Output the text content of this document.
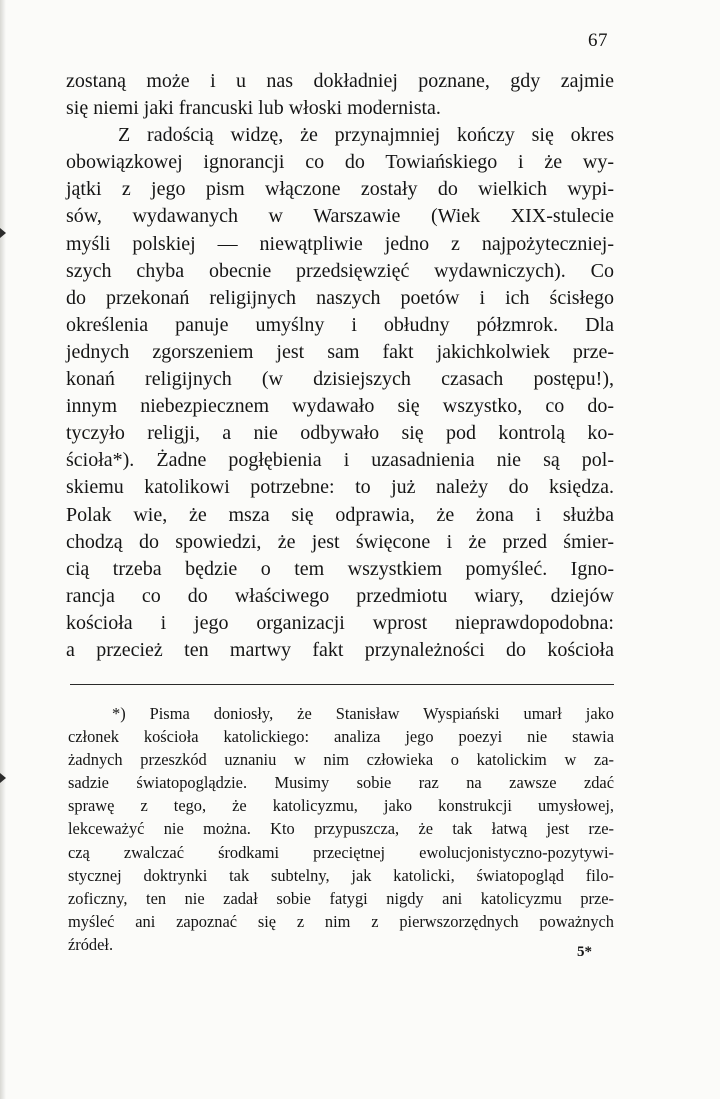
67
zostaną może i u nas dokładniej poznane, gdy zajmie
się niemi jaki francuski lub włoski modernista.
Z radością widzę, że przynajmniej kończy się okres
obowiązkowej ignorancji co do Towiańskiego i że wy-
jątki z jego pism włączone zostały do wielkich wypi-
sów, wydawanych w Warszawie (Wiek XIX-stulecie
myśli polskiej — niewątpliwie jedno z najpożyteczniej-
szych chyba obecnie przedsięwzięć wydawniczych). Co
do przekonań religijnych naszych poetów i ich ścisłego
określenia panuje umyślny i obłudny półzmrok. Dla
jednych zgorszeniem jest sam fakt jakichkolwiek prze-
konań religijnych (w dzisiejszych czasach postępu!),
innym niebezpiecznem wydawało się wszystko, co do-
tyczyło religji, a nie odbywało się pod kontrolą ko-
ścioła*). Żadne pogłębienia i uzasadnienia nie są pol-
skiemu katolikowi potrzebne: to już należy do księdza.
Polak wie, że msza się odprawia, że żona i służba
chodzą do spowiedzi, że jest święcone i że przed śmier-
cią trzeba będzie o tem wszystkiem pomyśleć. Igno-
rancja co do właściwego przedmiotu wiary, dziejów
kościoła i jego organizacji wprost nieprawdopodobna:
a przecież ten martwy fakt przynależności do kościoła
*) Pisma doniosły, że Stanisław Wyspiański umarł jako
członek kościoła katolickiego: analiza jego poezyi nie stawia
żadnych przeszkód uznaniu w nim człowieka o katolickim w za-
sadzie światopoglądzie. Musimy sobie raz na zawsze zdać
sprawę z tego, że katolicyzmu, jako konstrukcji umysłowej,
lekceważyć nie można. Kto przypuszcza, że tak łatwą jest rze-
czą zwalczać środkami przeciętnej ewolucjonistyczno-pozytywi-
stycznej doktrynki tak subtelny, jak katolicki, światopogląd filo-
zoficzny, ten nie zadał sobie fatygi nigdy ani katolicyzmu prze-
myśleć ani zapoznać się z nim z pierwszorzędnych poważnych
źródeł.	5*
